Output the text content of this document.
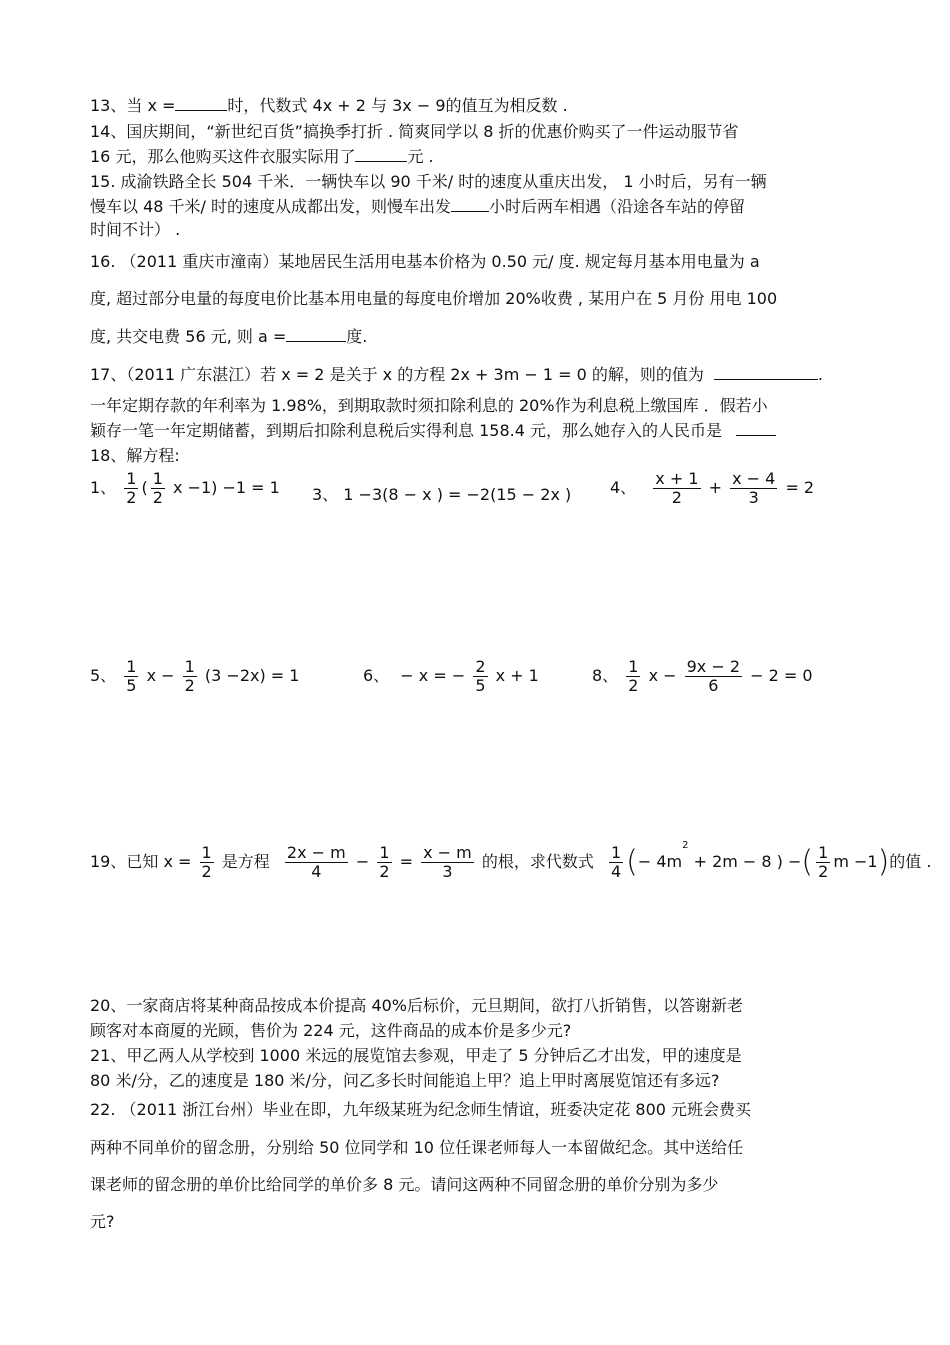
13、当 x =	时，代数式 4x + 2 与 3x − 9的值互为相反数 .
14、国庆期间，“新世纪百货”搞换季打折 . 简爽同学以 8 折的优惠价购买了一件运动服节省
16 元，那么他购买这件衣服实际用了	元 .
15. 成渝铁路全长 504 千米．一辆快车以 90 千米/ 时的速度从重庆出发， 1 小时后，另有一辆
慢车以 48 千米/ 时的速度从成都出发，则慢车出发 小时后两车相遇（沿途各车站的停留
时间不计） .
16. （2011 重庆市潼南）某地居民生活用电基本价格为 0.50 元/ 度. 规定每月基本用电量为 a
度, 超过部分电量的每度电价比基本用电量的每度电价增加 20%收费 , 某用户在 5 月份 用电 100
度, 共交电费 56 元, 则 a =	度.
17、（2011 广东湛江）若 x = 2 是关于 x 的方程 2x + 3m − 1 = 0 的解，则的值为	.
一年定期存款的年利率为 1.98%，到期取款时须扣除利息的 20%作为利息税上缴国库 ．假若小
颖存一笔一年定期储蓄，到期后扣除利息税后实得利息 158.4 元，那么她存入的人民币是
18、解方程:
1、 $\frac{1}{2}$ ( $\frac{1}{2}$ x −1) −1 = 1 3、 1 −3(8 − x ) = −2(15 − 2x ) 4、 $\frac{x + 1}{2} + \frac{x - 4}{3} = 2$
5、 $\frac{1}{5}$ $x - \frac{1}{2} (3 -2x) = 1$	6、 − x = − $\frac{2}{5}$ x + 1	8、 $\frac{1}{2}$ $x - \frac{9x - 2}{6} - 2 = 0$
19、已知 $x = \frac{1}{2}$ 是方程 $\frac{2x - m}{4} - \frac{1}{2} = \frac{x - m}{3}$ 的根，求代数式 $\frac{1}{4}$ (− $4m^2 + 2m - 8$ ) −( $\frac{1}{2}$ m −1)的值 .
20、一家商店将某种商品按成本价提高 40%后标价，元旦期间，欲打八折销售，以答谢新老
顾客对本商厦的光顾，售价为 224 元，这件商品的成本价是多少元?
21、甲乙两人从学校到 1000 米远的展览馆去参观，甲走了 5 分钟后乙才出发，甲的速度是
80 米/分，乙的速度是 180 米/分，问乙多长时间能追上甲？追上甲时离展览馆还有多远?
22. （2011 浙江台州）毕业在即，九年级某班为纪念师生情谊，班委决定花 800 元班会费买
两种不同单价的留念册，分别给 50 位同学和 10 位任课老师每人一本留做纪念。其中送给任
课老师的留念册的单价比给同学的单价多 8 元。请问这两种不同留念册的单价分别为多少
元?
